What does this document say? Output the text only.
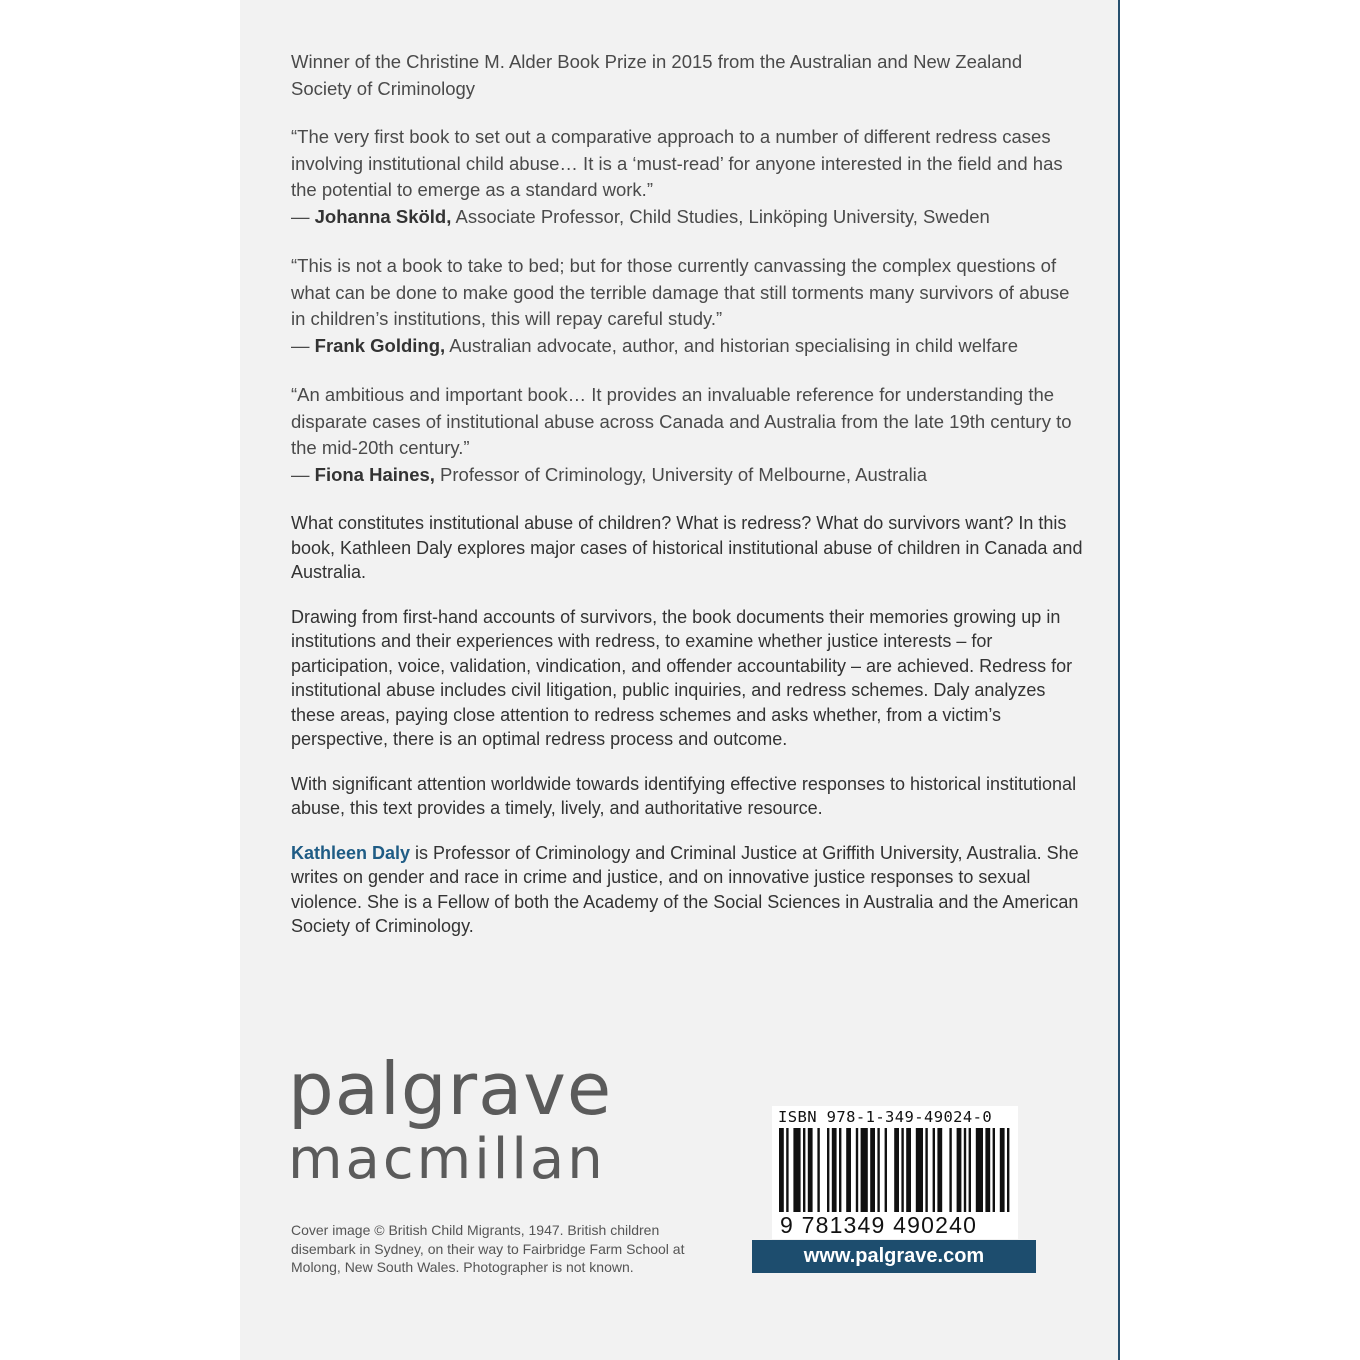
Winner of the Christine M. Alder Book Prize in 2015 from the Australian and New Zealand Society of Criminology

“The very first book to set out a comparative approach to a number of different redress cases involving institutional child abuse… It is a ‘must-read’ for anyone interested in the field and has the potential to emerge as a standard work.”

— Johanna Sköld, Associate Professor, Child Studies, Linköping University, Sweden

“This is not a book to take to bed; but for those currently canvassing the complex questions of what can be done to make good the terrible damage that still torments many survivors of abuse in children’s institutions, this will repay careful study.”

— Frank Golding, Australian advocate, author, and historian specialising in child welfare

“An ambitious and important book… It provides an invaluable reference for understanding the disparate cases of institutional abuse across Canada and Australia from the late 19th century to the mid-20th century.”

— Fiona Haines, Professor of Criminology, University of Melbourne, Australia

What constitutes institutional abuse of children? What is redress? What do survivors want? In this book, Kathleen Daly explores major cases of historical institutional abuse of children in Canada and Australia.

Drawing from first-hand accounts of survivors, the book documents their memories growing up in institutions and their experiences with redress, to examine whether justice interests – for participation, voice, validation, vindication, and offender accountability – are achieved. Redress for institutional abuse includes civil litigation, public inquiries, and redress schemes. Daly analyzes these areas, paying close attention to redress schemes and asks whether, from a victim’s perspective, there is an optimal redress process and outcome.

With significant attention worldwide towards identifying effective responses to historical institutional abuse, this text provides a timely, lively, and authoritative resource.

Kathleen Daly is Professor of Criminology and Criminal Justice at Griffith University, Australia. She writes on gender and race in crime and justice, and on innovative justice responses to sexual violence. She is a Fellow of both the Academy of the Social Sciences in Australia and the American Society of Criminology.

palgrave
macmillan
Cover image © British Child Migrants, 1947. British children disembark in Sydney, on their way to Fairbridge Farm School at Molong, New South Wales. Photographer is not known.
ISBN 978-1-349-49024-0
9 781349 490240
www.palgrave.com
